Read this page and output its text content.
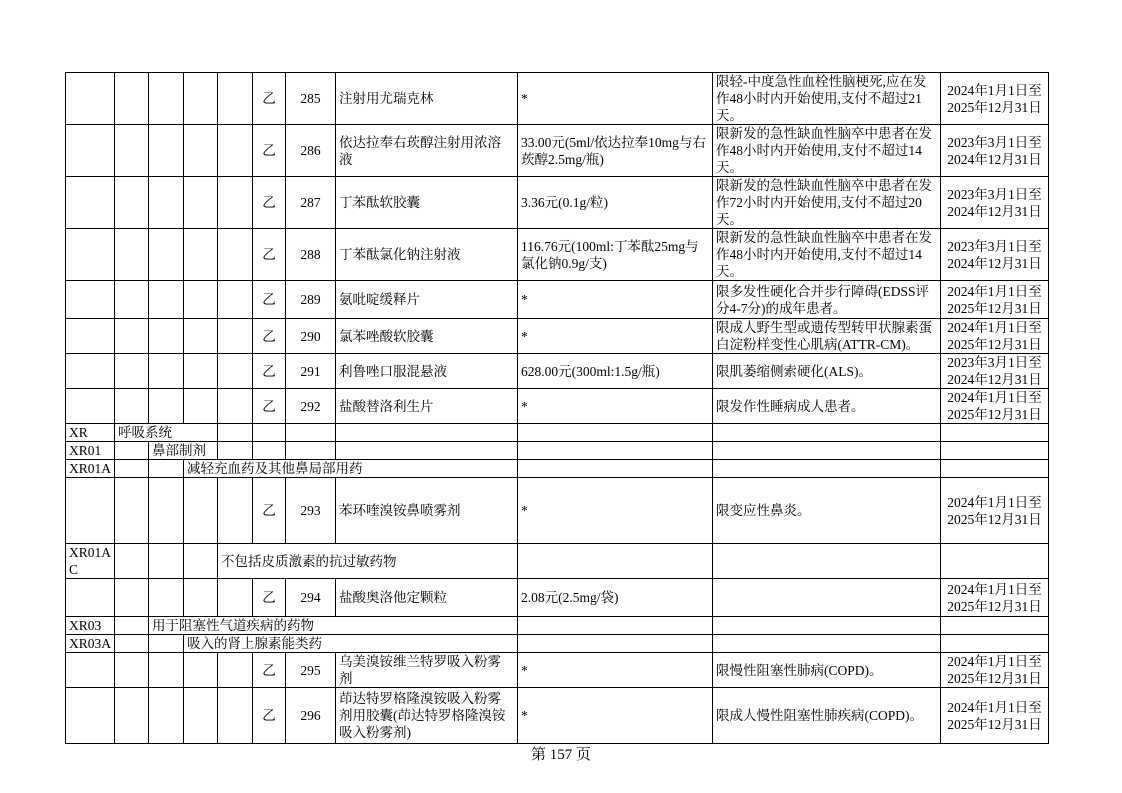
					乙	285	注射用尤瑞克林	*	限轻-中度急性血栓性脑梗死,应在发作48小时内开始使用,支付不超过21天。	2024年1月1日至
2025年12月31日

					乙	286	依达拉奉右莰醇注射用浓溶液	33.00元(5ml/依达拉奉10mg与右莰醇2.5mg/瓶)	限新发的急性缺血性脑卒中患者在发作48小时内开始使用,支付不超过14天。	2023年3月1日至
2024年12月31日

					乙	287	丁苯酞软胶囊	3.36元(0.1g/粒)	限新发的急性缺血性脑卒中患者在发作72小时内开始使用,支付不超过20天。	2023年3月1日至
2024年12月31日

					乙	288	丁苯酞氯化钠注射液	116.76元(100ml:丁苯酞25mg与氯化钠0.9g/支)	限新发的急性缺血性脑卒中患者在发作48小时内开始使用,支付不超过14天。	2023年3月1日至
2024年12月31日

					乙	289	氨吡啶缓释片	*	限多发性硬化合并步行障碍(EDSS评分4-7分)的成年患者。	2024年1月1日至
2025年12月31日

					乙	290	氯苯唑酸软胶囊	*	限成人野生型或遗传型转甲状腺素蛋白淀粉样变性心肌病(ATTR-CM)。	2024年1月1日至
2025年12月31日

					乙	291	利鲁唑口服混悬液	628.00元(300ml:1.5g/瓶)	限肌萎缩侧索硬化(ALS)。	2023年3月1日至
2024年12月31日

					乙	292	盐酸替洛利生片	*	限发作性睡病成人患者。	2024年1月1日至
2025年12月31日

XR	呼吸系统									
XR01		鼻部制剂								
XR01A			减轻充血药及其他鼻局部用药							
					乙	293	苯环喹溴铵鼻喷雾剂	*	限变应性鼻炎。	2024年1月1日至
2025年12月31日

XR01AC				不包括皮质激素的抗过敏药物						
					乙	294	盐酸奥洛他定颗粒	2.08元(2.5mg/袋)		2024年1月1日至
2025年12月31日

XR03		用于阻塞性气道疾病的药物								
XR03A			吸入的肾上腺素能类药							
					乙	295	乌美溴铵维兰特罗吸入粉雾剂	*	限慢性阻塞性肺病(COPD)。	2024年1月1日至
2025年12月31日

					乙	296	茚达特罗格隆溴铵吸入粉雾剂用胶囊(茚达特罗格隆溴铵吸入粉雾剂)	*	限成人慢性阻塞性肺疾病(COPD)。	2024年1月1日至
2025年12月31日
第 157 页
